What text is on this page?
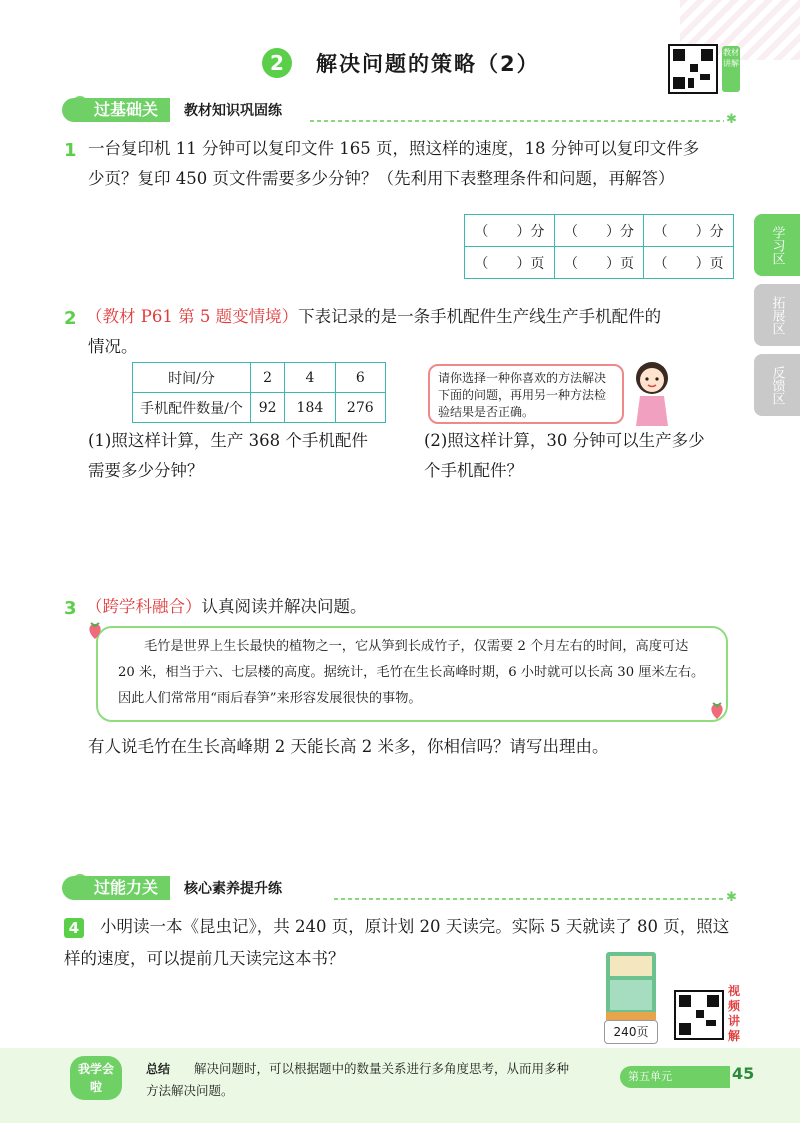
2	解决问题的策略（2）	教材讲解
过基础关	教材知识巩固练
✱
1 一台复印机 11 分钟可以复印文件 165 页，照这样的速度，18 分钟可以复印文件多
少页？复印 450 页文件需要多少分钟？（先利用下表整理条件和问题，再解答）
（　　）分	（　　）分	（　　）分
（　　）页	（　　）页	（　　）页	学习区
拓展区
反馈区
2 （教材 P61 第 5 题变情境）下表记录的是一条手机配件生产线生产手机配件的
情况。
时间/分	2	4	6
手机配件数量/个	92	184	276
请你选择一种你喜欢的方法解决下面的问题，再用另一种方法检验结果是否正确。
(1)照这样计算，生产 368 个手机配件
需要多少分钟？
(2)照这样计算，30 分钟可以生产多少
个手机配件？
3 （跨学科融合）认真阅读并解决问题。
毛竹是世界上生长最快的植物之一，它从笋到长成竹子，仅需要 2 个月左右的时间，高度可达 20 米，相当于六、七层楼的高度。据统计，毛竹在生长高峰时期，6 小时就可以长高 30 厘米左右。因此人们常常用“雨后春笋”来形容发展很快的事物。
有人说毛竹在生长高峰期 2 天能长高 2 米多，你相信吗？请写出理由。
过能力关	核心素养提升练
✱
4 小明读一本《昆虫记》，共 240 页，原计划 20 天读完。实际 5 天就读了 80 页，照这
样的速度，可以提前几天读完这本书？
240页
视频讲解
我学会啦
总结 解决问题时，可以根据题中的数量关系进行多角度思考，从而用多种
方法解决问题。
第五单元	45
